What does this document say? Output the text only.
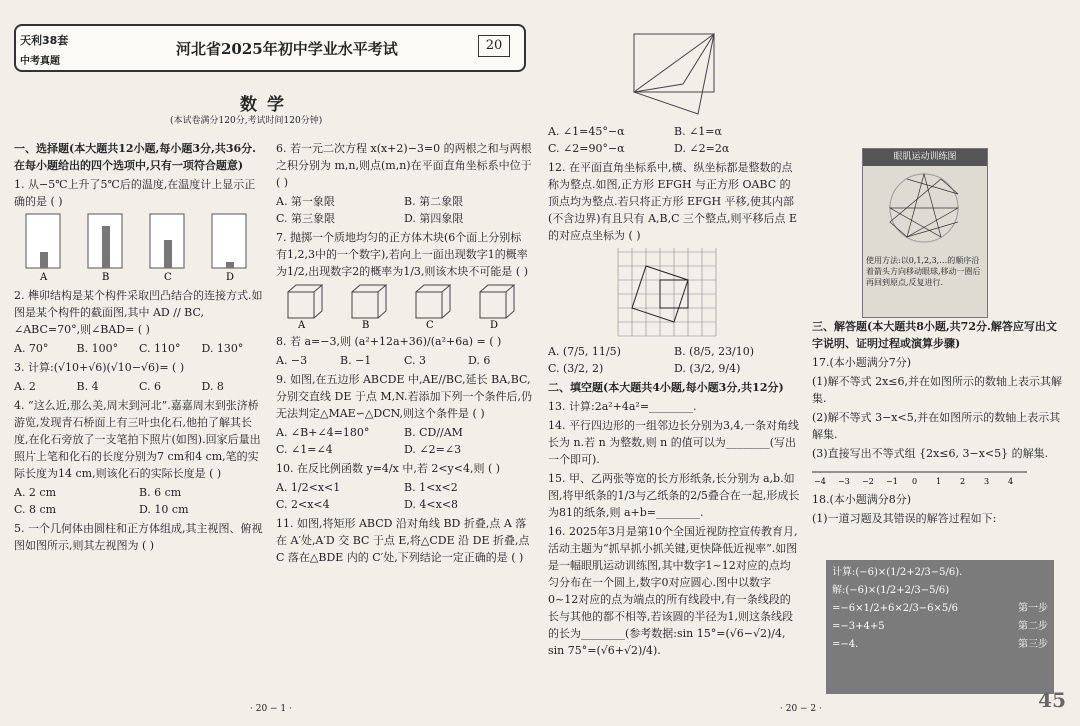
天利38套
中考真题
河北省2025年初中学业水平考试	20
数学
(本试卷满分120分,考试时间120分钟)
一、选择题(本大题共12小题,每小题3分,共36分.在每小题给出的四个选项中,只有一项符合题意)
1. 从−5℃上升了5℃后的温度,在温度计上显示正确的是 ( )
A	B	C	D
2. 榫卯结构是某个构件采取凹凸结合的连接方式.如图是某个构件的截面图,其中 AD // BC, ∠ABC=70°,则∠BAD= ( )
A. 70°	B. 100°	C. 110°	D. 130°
3. 计算:(√10+√6)(√10−√6)= ( )
A. 2	B. 4	C. 6	D. 8
4. “这么近,那么美,周末到河北”.嘉嘉周末到张济桥游览,发现青石桥面上有三叶虫化石,他拍了解其长度,在化石旁放了一支笔拍下照片(如图).回家后量出照片上笔和化石的长度分别为7 cm和4 cm,笔的实际长度为14 cm,则该化石的实际长度是 ( )
A. 2 cm	B. 6 cm
C. 8 cm	D. 10 cm
5. 一个几何体由圆柱和正方体组成,其主视图、俯视图如图所示,则其左视图为 ( )
6. 若一元二次方程 x(x+2)−3=0 的两根之和与两根之积分别为 m,n,则点(m,n)在平面直角坐标系中位于 ( )
A. 第一象限	B. 第二象限
C. 第三象限	D. 第四象限
7. 抛掷一个质地均匀的正方体木块(6个面上分别标有1,2,3中的一个数字),若向上一面出现数字1的概率为1/2,出现数字2的概率为1/3,则该木块不可能是 ( )
A	B	C	D
8. 若 a=−3,则 (a²+12a+36)/(a²+6a) = ( )
A. −3	B. −1	C. 3	D. 6
9. 如图,在五边形 ABCDE 中,AE//BC,延长 BA,BC,分别交直线 DE 于点 M,N.若添加下列一个条件后,仍无法判定△MAE∽△DCN,则这个条件是 ( )
A. ∠B+∠4=180°	B. CD//AM
C. ∠1=∠4	D. ∠2=∠3
10. 在反比例函数 y=4/x 中,若 2<y<4,则 ( )
A. 1/2<x<1	B. 1<x<2
C. 2<x<4	D. 4<x<8
11. 如图,将矩形 ABCD 沿对角线 BD 折叠,点 A 落在 A′处,A′D 交 BC 于点 E,将△CDE 沿 DE 折叠,点 C 落在△BDE 内的 C′处,下列结论一定正确的是 ( )
A. ∠1=45°−α	B. ∠1=α
C. ∠2=90°−α	D. ∠2=2α
12. 在平面直角坐标系中,横、纵坐标都是整数的点称为整点.如图,正方形 EFGH 与正方形 OABC 的顶点均为整点.若只将正方形 EFGH 平移,使其内部(不含边界)有且只有 A,B,C 三个整点,则平移后点 E 的对应点坐标为 ( )
A. (7/5, 11/5)	B. (8/5, 23/10)
C. (3/2, 2)	D. (3/2, 9/4)
二、填空题(本大题共4小题,每小题3分,共12分)
13. 计算:2a²+4a²=________.
14. 平行四边形的一组邻边长分别为3,4,一条对角线长为 n.若 n 为整数,则 n 的值可以为________(写出一个即可).
15. 甲、乙两张等宽的长方形纸条,长分别为 a,b.如图,将甲纸条的1/3与乙纸条的2/5叠合在一起,形成长为81的纸条,则 a+b=________.
16. 2025年3月是第10个全国近视防控宣传教育月,活动主题为“抓早抓小抓关键,更快降低近视率”.如图是一幅眼肌运动训练图,其中数字1~12对应的点均匀分布在一个圆上,数字0对应圆心.图中以数字0~12对应的点为端点的所有线段中,有一条线段的长与其他的都不相等,若该圆的半径为1,则这条线段的长为________(参考数据:sin 15°=(√6−√2)/4, sin 75°=(√6+√2)/4).
眼肌运动训练图
使用方法:以0,1,2,3,…的顺序沿着箭头方向移动眼球,移动一圈后再回到原点,反复进行.
三、解答题(本大题共8小题,共72分.解答应写出文字说明、证明过程或演算步骤)
17.(本小题满分7分)
(1)解不等式 2x≤6,并在如图所示的数轴上表示其解集.
(2)解不等式 3−x<5,并在如图所示的数轴上表示其解集.
(3)直接写出不等式组 {2x≤6, 3−x<5} 的解集.
−4 −3 −2 −1 0 1 2 3 4
18.(本小题满分8分)
(1)一道习题及其错误的解答过程如下:
计算:(−6)×(1/2+2/3−5/6).
解:(−6)×(1/2+2/3−5/6)
=−6×1/2+6×2/3−6×5/6	第一步
=−3+4+5	第二步
=−4.	第三步
· 20 − 1 ·	· 20 − 2 ·	45
